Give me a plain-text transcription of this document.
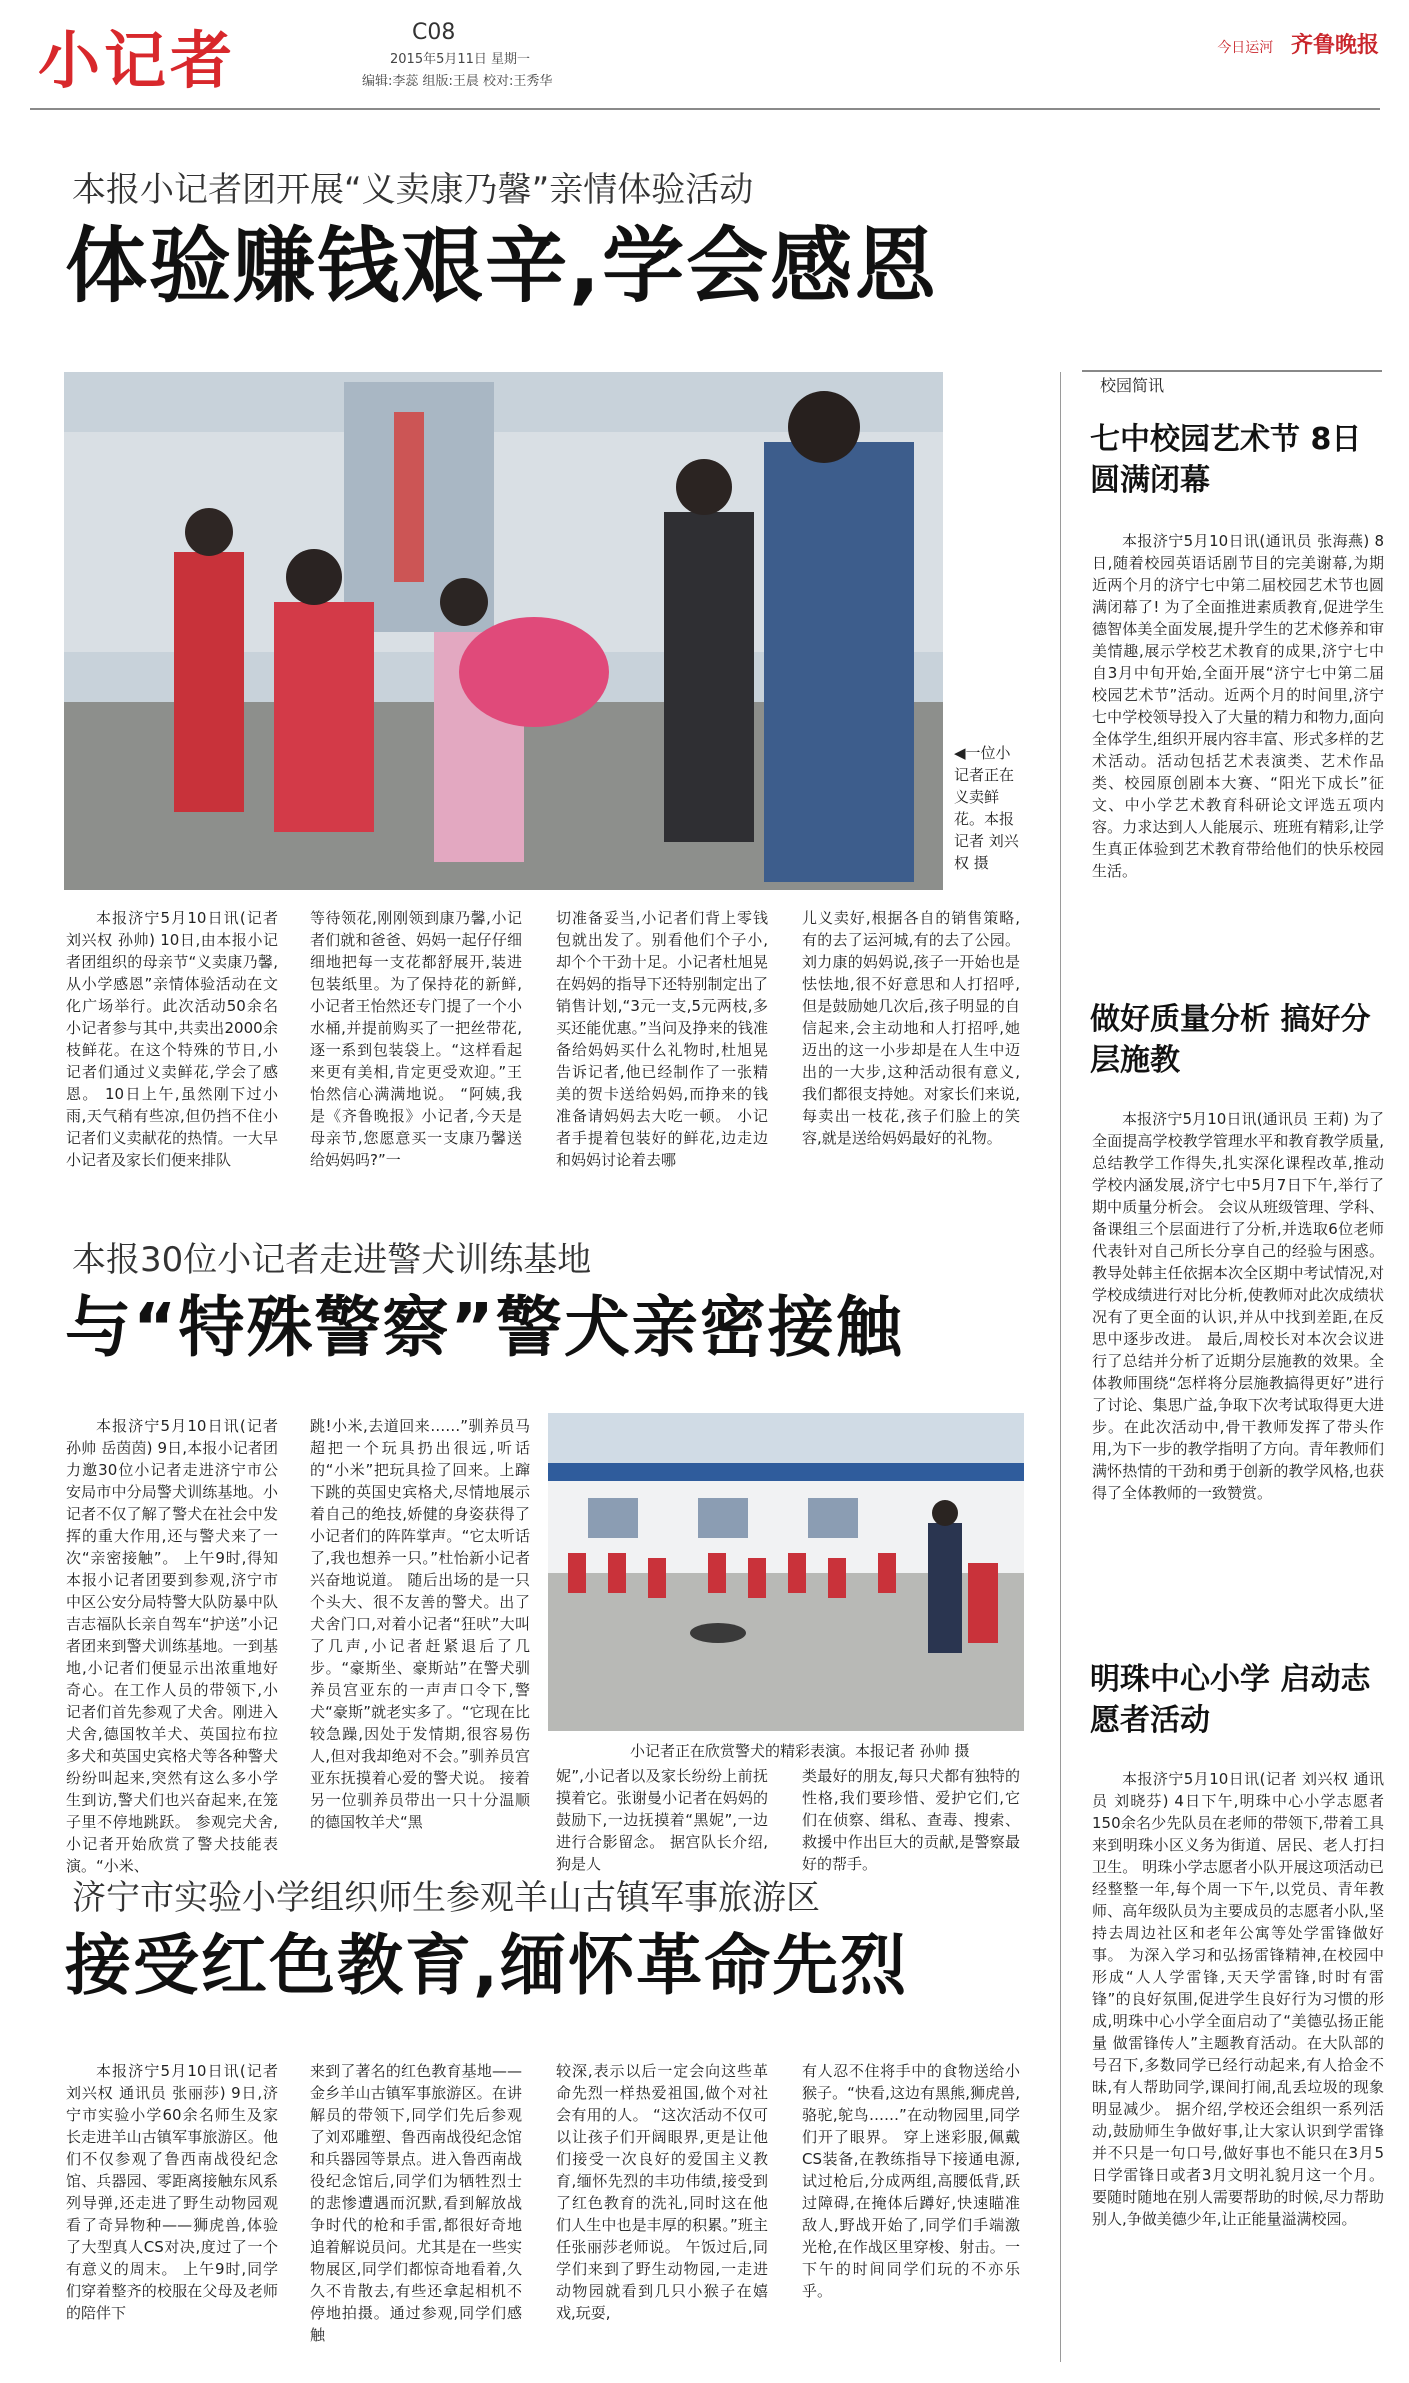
小记者	C08
2015年5月11日 星期一
编辑:李蕊 组版:王晨 校对:王秀华
今日运河 齐鲁晚报
本报小记者团开展“义卖康乃馨”亲情体验活动
体验赚钱艰辛,学会感恩
◀一位小记者正在义卖鲜花。本报记者 刘兴权 摄

本报济宁5月10日讯(记者 刘兴权 孙帅) 10日,由本报小记者团组织的母亲节“义卖康乃馨,从小学感恩”亲情体验活动在文化广场举行。此次活动50余名小记者参与其中,共卖出2000余枝鲜花。在这个特殊的节日,小记者们通过义卖鲜花,学会了感恩。 10日上午,虽然刚下过小雨,天气稍有些凉,但仍挡不住小记者们义卖献花的热情。一大早小记者及家长们便来排队

等待领花,刚刚领到康乃馨,小记者们就和爸爸、妈妈一起仔仔细细地把每一支花都舒展开,装进包装纸里。为了保持花的新鲜,小记者王怡然还专门提了一个小水桶,并提前购买了一把丝带花,逐一系到包装袋上。“这样看起来更有美相,肯定更受欢迎。”王怡然信心满满地说。 “阿姨,我是《齐鲁晚报》小记者,今天是母亲节,您愿意买一支康乃馨送给妈妈吗?”一

切准备妥当,小记者们背上零钱包就出发了。别看他们个子小,却个个干劲十足。小记者杜旭晃在妈妈的指导下还特别制定出了销售计划,“3元一支,5元两枝,多买还能优惠。”当问及挣来的钱准备给妈妈买什么礼物时,杜旭晃告诉记者,他已经制作了一张精美的贺卡送给妈妈,而挣来的钱准备请妈妈去大吃一顿。 小记者手提着包装好的鲜花,边走边和妈妈讨论着去哪

儿义卖好,根据各自的销售策略,有的去了运河城,有的去了公园。刘力康的妈妈说,孩子一开始也是怯怯地,很不好意思和人打招呼,但是鼓励她几次后,孩子明显的自信起来,会主动地和人打招呼,她迈出的这一小步却是在人生中迈出的一大步,这种活动很有意义,我们都很支持她。对家长们来说,每卖出一枝花,孩子们脸上的笑容,就是送给妈妈最好的礼物。

本报30位小记者走进警犬训练基地
与“特殊警察”警犬亲密接触

本报济宁5月10日讯(记者 孙帅 岳茵茵) 9日,本报小记者团力邀30位小记者走进济宁市公安局市中分局警犬训练基地。小记者不仅了解了警犬在社会中发挥的重大作用,还与警犬来了一次“亲密接触”。 上午9时,得知本报小记者团要到参观,济宁市中区公安分局特警大队防暴中队吉志福队长亲自驾车“护送”小记者团来到警犬训练基地。一到基地,小记者们便显示出浓重地好奇心。在工作人员的带领下,小记者们首先参观了犬舍。刚进入犬舍,德国牧羊犬、英国拉布拉多犬和英国史宾格犬等各种警犬纷纷叫起来,突然有这么多小学生到访,警犬们也兴奋起来,在笼子里不停地跳跃。 参观完犬舍,小记者开始欣赏了警犬技能表演。“小米、

跳!小米,去道回来……”驯养员马超把一个玩具扔出很远,听话的“小米”把玩具捡了回来。上蹿下跳的英国史宾格犬,尽情地展示着自己的绝技,娇健的身姿获得了小记者们的阵阵掌声。“它太听话了,我也想养一只。”杜怡新小记者兴奋地说道。 随后出场的是一只个头大、很不友善的警犬。出了犬舍门口,对着小记者“狂吠”大叫了几声,小记者赶紧退后了几步。“豪斯坐、豪斯站”在警犬驯养员宫亚东的一声声口令下,警犬“豪斯”就老实多了。“它现在比较急躁,因处于发情期,很容易伤人,但对我却绝对不会。”驯养员宫亚东抚摸着心爱的警犬说。 接着另一位驯养员带出一只十分温顺的德国牧羊犬“黑

小记者正在欣赏警犬的精彩表演。本报记者 孙帅 摄

妮”,小记者以及家长纷纷上前抚摸着它。张谢曼小记者在妈妈的鼓励下,一边抚摸着“黑妮”,一边进行合影留念。 据宫队长介绍,狗是人

类最好的朋友,每只犬都有独特的性格,我们要珍惜、爱护它们,它们在侦察、缉私、查毒、搜索、救援中作出巨大的贡献,是警察最好的帮手。

济宁市实验小学组织师生参观羊山古镇军事旅游区
接受红色教育,缅怀革命先烈

本报济宁5月10日讯(记者 刘兴权 通讯员 张丽莎) 9日,济宁市实验小学60余名师生及家长走进羊山古镇军事旅游区。他们不仅参观了鲁西南战役纪念馆、兵器园、零距离接触东风系列导弹,还走进了野生动物园观看了奇异物种——狮虎兽,体验了大型真人CS对决,度过了一个有意义的周末。 上午9时,同学们穿着整齐的校服在父母及老师的陪伴下

来到了著名的红色教育基地——金乡羊山古镇军事旅游区。在讲解员的带领下,同学们先后参观了刘邓雕塑、鲁西南战役纪念馆和兵器园等景点。进入鲁西南战役纪念馆后,同学们为牺牲烈士的悲惨遭遇而沉默,看到解放战争时代的枪和手雷,都很好奇地追着解说员问。尤其是在一些实物展区,同学们都惊奇地看着,久久不肯散去,有些还拿起相机不停地拍摄。通过参观,同学们感触

较深,表示以后一定会向这些革命先烈一样热爱祖国,做个对社会有用的人。 “这次活动不仅可以让孩子们开阔眼界,更是让他们接受一次良好的爱国主义教育,缅怀先烈的丰功伟绩,接受到了红色教育的洗礼,同时这在他们人生中也是丰厚的积累。”班主任张丽莎老师说。 午饭过后,同学们来到了野生动物园,一走进动物园就看到几只小猴子在嬉戏,玩耍,

有人忍不住将手中的食物送给小猴子。“快看,这边有黑熊,狮虎兽,骆驼,鸵鸟……”在动物园里,同学们开了眼界。 穿上迷彩服,佩戴CS装备,在教练指导下接通电源,试过枪后,分成两组,高腰低背,跃过障碍,在掩体后蹲好,快速瞄准敌人,野战开始了,同学们手端激光枪,在作战区里穿梭、射击。一下午的时间同学们玩的不亦乐乎。

校园简讯
七中校园艺术节 8日圆满闭幕

本报济宁5月10日讯(通讯员 张海燕) 8日,随着校园英语话剧节目的完美谢幕,为期近两个月的济宁七中第二届校园艺术节也圆满闭幕了! 为了全面推进素质教育,促进学生德智体美全面发展,提升学生的艺术修养和审美情趣,展示学校艺术教育的成果,济宁七中自3月中旬开始,全面开展“济宁七中第二届校园艺术节”活动。近两个月的时间里,济宁七中学校领导投入了大量的精力和物力,面向全体学生,组织开展内容丰富、形式多样的艺术活动。活动包括艺术表演类、艺术作品类、校园原创剧本大赛、“阳光下成长”征文、中小学艺术教育科研论文评选五项内容。力求达到人人能展示、班班有精彩,让学生真正体验到艺术教育带给他们的快乐校园生活。

做好质量分析 搞好分层施教

本报济宁5月10日讯(通讯员 王莉) 为了全面提高学校教学管理水平和教育教学质量,总结教学工作得失,扎实深化课程改革,推动学校内涵发展,济宁七中5月7日下午,举行了期中质量分析会。 会议从班级管理、学科、备课组三个层面进行了分析,并选取6位老师代表针对自己所长分享自己的经验与困惑。教导处韩主任依据本次全区期中考试情况,对学校成绩进行对比分析,使教师对此次成绩状况有了更全面的认识,并从中找到差距,在反思中逐步改进。 最后,周校长对本次会议进行了总结并分析了近期分层施教的效果。全体教师围绕“怎样将分层施教搞得更好”进行了讨论、集思广益,争取下次考试取得更大进步。在此次活动中,骨干教师发挥了带头作用,为下一步的教学指明了方向。青年教师们满怀热情的干劲和勇于创新的教学风格,也获得了全体教师的一致赞赏。

明珠中心小学 启动志愿者活动

本报济宁5月10日讯(记者 刘兴权 通讯员 刘晓芬) 4日下午,明珠中心小学志愿者150余名少先队员在老师的带领下,带着工具来到明珠小区义务为街道、居民、老人打扫卫生。 明珠小学志愿者小队开展这项活动已经整整一年,每个周一下午,以党员、青年教师、高年级队员为主要成员的志愿者小队,坚持去周边社区和老年公寓等处学雷锋做好事。 为深入学习和弘扬雷锋精神,在校园中形成“人人学雷锋,天天学雷锋,时时有雷锋”的良好氛围,促进学生良好行为习惯的形成,明珠中心小学全面启动了“美德弘扬正能量 做雷锋传人”主题教育活动。在大队部的号召下,多数同学已经行动起来,有人拾金不昧,有人帮助同学,课间打闹,乱丢垃圾的现象明显减少。 据介绍,学校还会组织一系列活动,鼓励师生争做好事,让大家认识到学雷锋并不只是一句口号,做好事也不能只在3月5日学雷锋日或者3月文明礼貌月这一个月。要随时随地在别人需要帮助的时候,尽力帮助别人,争做美德少年,让正能量溢满校园。
